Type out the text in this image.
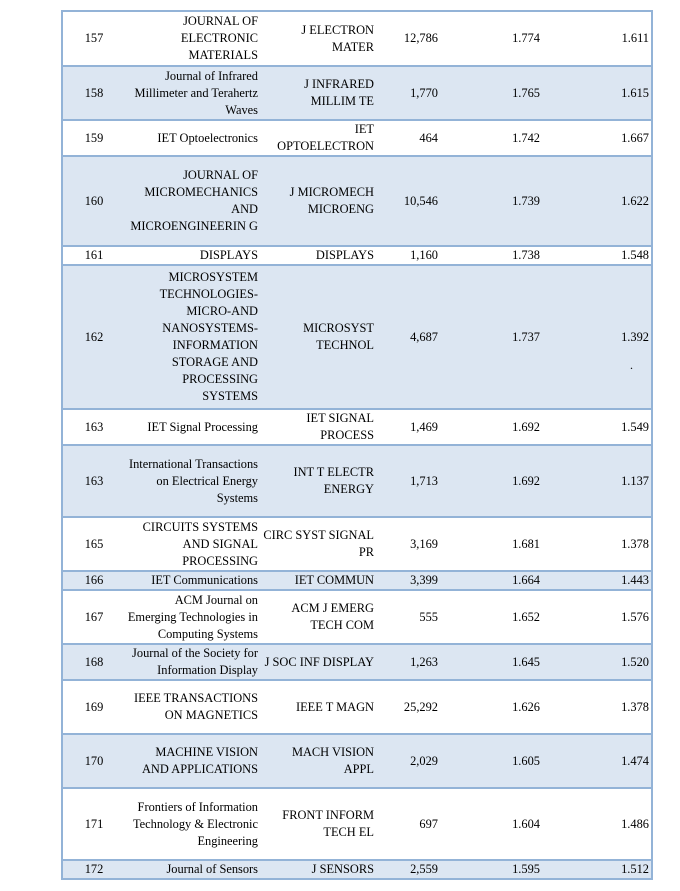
157	JOURNAL OF ELECTRONIC MATERIALS	J ELECTRON MATER	12,786	1.774	1.611
158	Journal of Infrared Millimeter and Terahertz Waves	J INFRARED MILLIM TE	1,770	1.765	1.615
159	IET Optoelectronics	IET OPTOELECTRON	464	1.742	1.667
160	JOURNAL OF MICROMECHANICS AND MICROENGINEERIN G	J MICROMECH MICROENG	10,546	1.739	1.622
161	DISPLAYS	DISPLAYS	1,160	1.738	1.548
162	MICROSYSTEM TECHNOLOGIES-MICRO-AND NANOSYSTEMS-INFORMATION STORAGE AND PROCESSING SYSTEMS	MICROSYST TECHNOL	4,687	1.737	1.392
163	IET Signal Processing	IET SIGNAL PROCESS	1,469	1.692	1.549
163	International Transactions on Electrical Energy Systems	INT T ELECTR ENERGY	1,713	1.692	1.137
165	CIRCUITS SYSTEMS AND SIGNAL PROCESSING	CIRC SYST SIGNAL PR	3,169	1.681	1.378
166	IET Communications	IET COMMUN	3,399	1.664	1.443
167	ACM Journal on Emerging Technologies in Computing Systems	ACM J EMERG TECH COM	555	1.652	1.576
168	Journal of the Society for Information Display	J SOC INF DISPLAY	1,263	1.645	1.520
169	IEEE TRANSACTIONS ON MAGNETICS	IEEE T MAGN	25,292	1.626	1.378
170	MACHINE VISION AND APPLICATIONS	MACH VISION APPL	2,029	1.605	1.474
171	Frontiers of Information Technology & Electronic Engineering	FRONT INFORM TECH EL	697	1.604	1.486
172	Journal of Sensors	J SENSORS	2,559	1.595	1.512
.
